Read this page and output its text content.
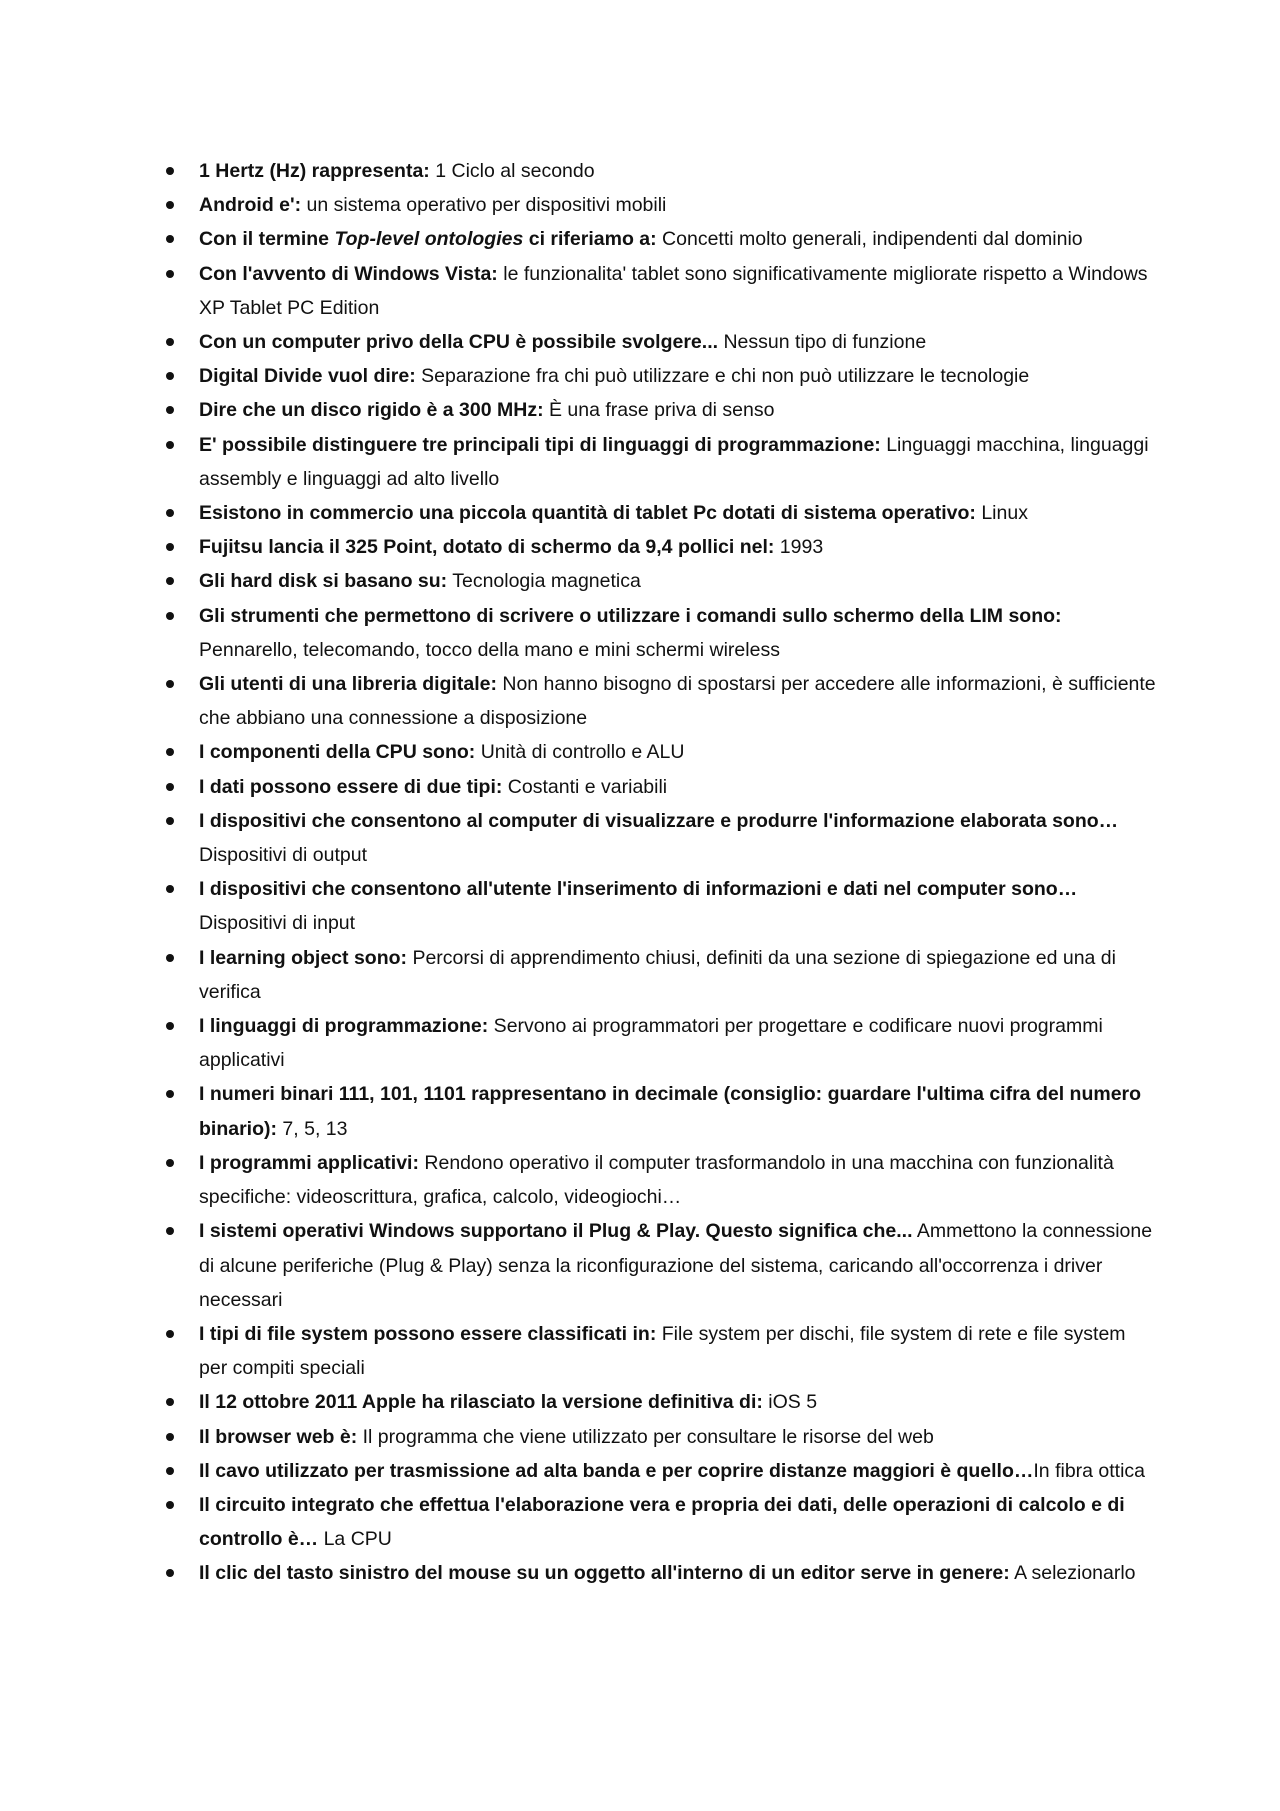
1 Hertz (Hz) rappresenta: 1 Ciclo al secondo
Android e': un sistema operativo per dispositivi mobili
Con il termine Top-level ontologies ci riferiamo a: Concetti molto generali, indipendenti dal dominio
Con l'avvento di Windows Vista: le funzionalita' tablet sono significativamente migliorate rispetto a Windows XP Tablet PC Edition
Con un computer privo della CPU è possibile svolgere... Nessun tipo di funzione
Digital Divide vuol dire: Separazione fra chi può utilizzare e chi non può utilizzare le tecnologie
Dire che un disco rigido è a 300 MHz: È una frase priva di senso
E' possibile distinguere tre principali tipi di linguaggi di programmazione: Linguaggi macchina, linguaggi assembly e linguaggi ad alto livello
Esistono in commercio una piccola quantità di tablet Pc dotati di sistema operativo: Linux
Fujitsu lancia il 325 Point, dotato di schermo da 9,4 pollici nel: 1993
Gli hard disk si basano su: Tecnologia magnetica
Gli strumenti che permettono di scrivere o utilizzare i comandi sullo schermo della LIM sono: Pennarello, telecomando, tocco della mano e mini schermi wireless
Gli utenti di una libreria digitale: Non hanno bisogno di spostarsi per accedere alle informazioni, è sufficiente che abbiano una connessione a disposizione
I componenti della CPU sono: Unità di controllo e ALU
I dati possono essere di due tipi: Costanti e variabili
I dispositivi che consentono al computer di visualizzare e produrre l'informazione elaborata sono… Dispositivi di output
I dispositivi che consentono all'utente l'inserimento di informazioni e dati nel computer sono… Dispositivi di input
I learning object sono: Percorsi di apprendimento chiusi, definiti da una sezione di spiegazione ed una di verifica
I linguaggi di programmazione: Servono ai programmatori per progettare e codificare nuovi programmi applicativi
I numeri binari 111, 101, 1101 rappresentano in decimale (consiglio: guardare l'ultima cifra del numero binario): 7, 5, 13
I programmi applicativi: Rendono operativo il computer trasformandolo in una macchina con funzionalità specifiche: videoscrittura, grafica, calcolo, videogiochi…
I sistemi operativi Windows supportano il Plug & Play. Questo significa che... Ammettono la connessione di alcune periferiche (Plug & Play) senza la riconfigurazione del sistema, caricando all'occorrenza i driver necessari
I tipi di file system possono essere classificati in: File system per dischi, file system di rete e file system per compiti speciali
Il 12 ottobre 2011 Apple ha rilasciato la versione definitiva di: iOS 5
Il browser web è: Il programma che viene utilizzato per consultare le risorse del web
Il cavo utilizzato per trasmissione ad alta banda e per coprire distanze maggiori è quello…In fibra ottica
Il circuito integrato che effettua l'elaborazione vera e propria dei dati, delle operazioni di calcolo e di controllo è… La CPU
Il clic del tasto sinistro del mouse su un oggetto all'interno di un editor serve in genere: A selezionarlo
